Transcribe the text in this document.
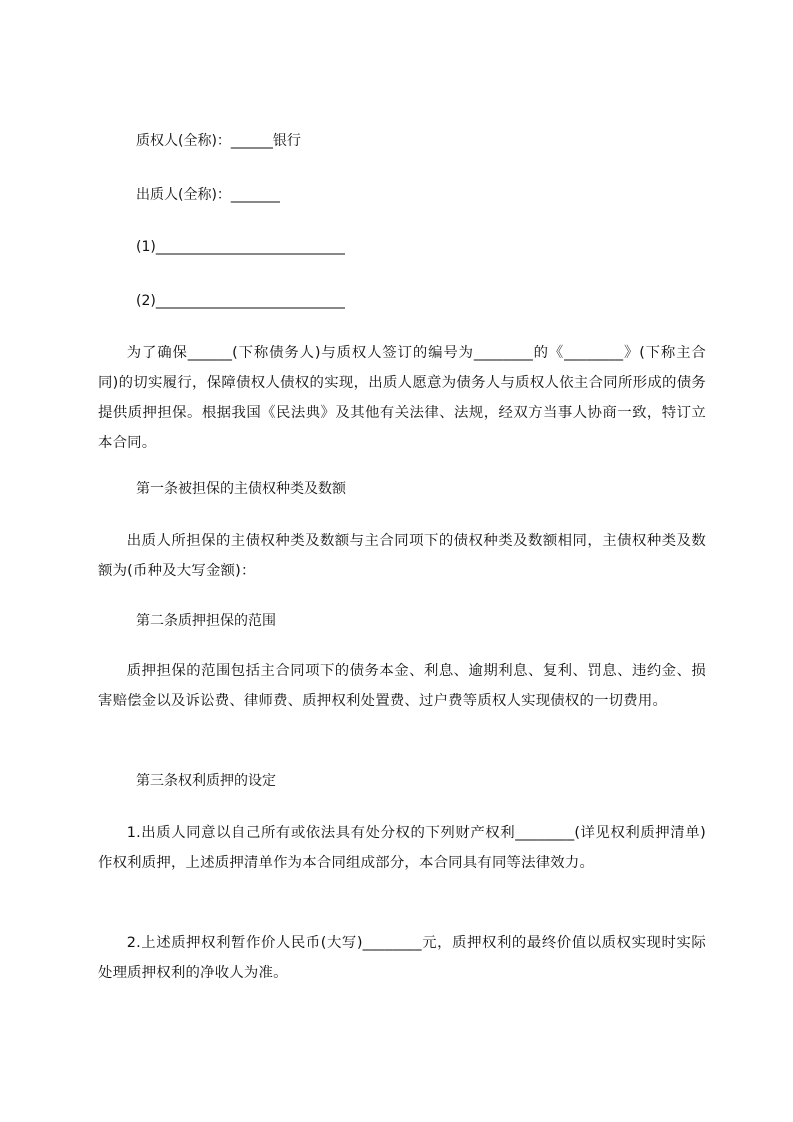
质权人(全称)：______银行
出质人(全称)：_______
(1)___________________________
(2)___________________________
为了确保______(下称债务人)与质权人签订的编号为________的《________》(下称主合同)的切实履行，保障债权人债权的实现，出质人愿意为债务人与质权人依主合同所形成的债务提供质押担保。根据我国《民法典》及其他有关法律、法规，经双方当事人协商一致，特订立本合同。
第一条被担保的主债权种类及数额
出质人所担保的主债权种类及数额与主合同项下的债权种类及数额相同，主债权种类及数额为(币种及大写金额)：
第二条质押担保的范围
质押担保的范围包括主合同项下的债务本金、利息、逾期利息、复利、罚息、违约金、损害赔偿金以及诉讼费、律师费、质押权利处置费、过户费等质权人实现债权的一切费用。
第三条权利质押的设定
1.出质人同意以自己所有或依法具有处分权的下列财产权利________(详见权利质押清单)作权利质押，上述质押清单作为本合同组成部分，本合同具有同等法律效力。
2.上述质押权利暂作价人民币(大写)________元，质押权利的最终价值以质权实现时实际处理质押权利的净收人为准。
